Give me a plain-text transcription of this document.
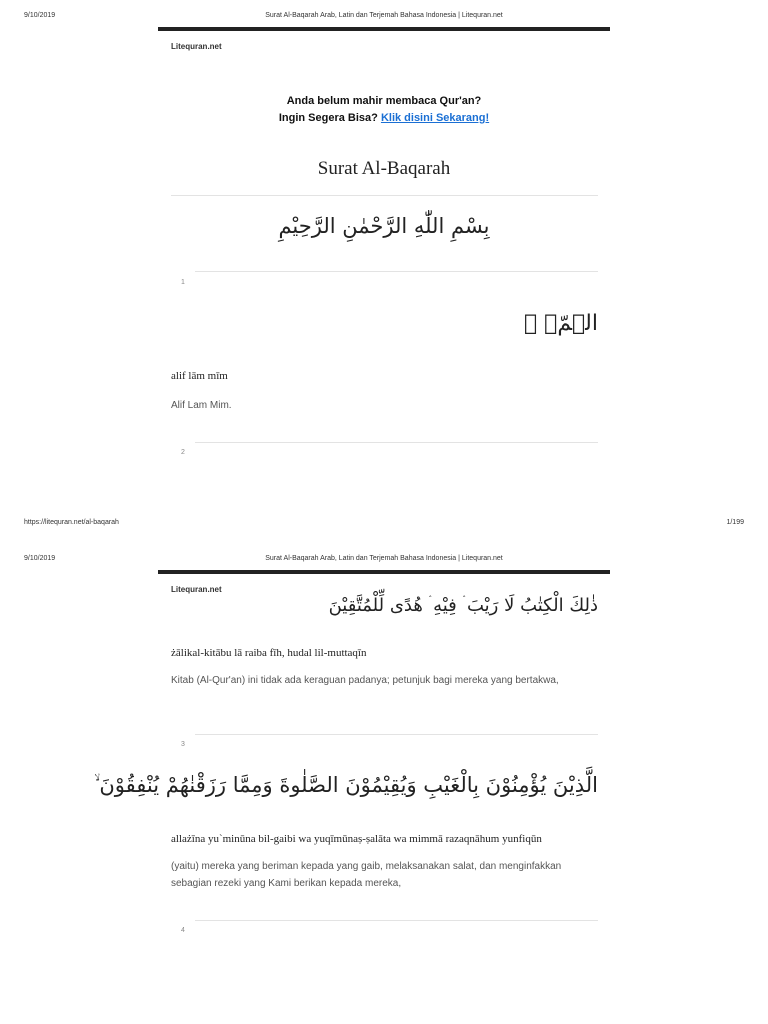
9/10/2019	Surat Al-Baqarah Arab, Latin dan Terjemah Bahasa Indonesia | Litequran.net
Litequran.net
Anda belum mahir membaca Qur'an?
Ingin Segera Bisa? Klik disini Sekarang!
Surat Al-Baqarah
بِسْمِ اللّٰهِ الرَّحْمٰنِ الرَّحِيْمِ
1
الۤمّۤ ۚ
alif lām mīm
Alif Lam Mim.
2
https://litequran.net/al-baqarah	1/199
9/10/2019	Surat Al-Baqarah Arab, Latin dan Terjemah Bahasa Indonesia | Litequran.net
Litequran.net
ذٰلِكَ الْكِتٰبُ لَا رَيْبَ ۛ فِيْهِ ۛ هُدًى لِّلْمُتَّقِيْنَ
żālikal-kitābu lā raiba fīh, hudal lil-muttaqīn
Kitab (Al-Qur'an) ini tidak ada keraguan padanya; petunjuk bagi mereka yang bertakwa,
3
الَّذِيْنَ يُؤْمِنُوْنَ بِالْغَيْبِ وَيُقِيْمُوْنَ الصَّلٰوةَ وَمِمَّا رَزَقْنٰهُمْ يُنْفِقُوْنَ ۙ
allażīna yu`minūna bil-gaibi wa yuqīmūnaṣ-ṣalāta wa mimmā razaqnāhum yunfiqūn
(yaitu) mereka yang beriman kepada yang gaib, melaksanakan salat, dan menginfakkan sebagian rezeki yang Kami berikan kepada mereka,
4
